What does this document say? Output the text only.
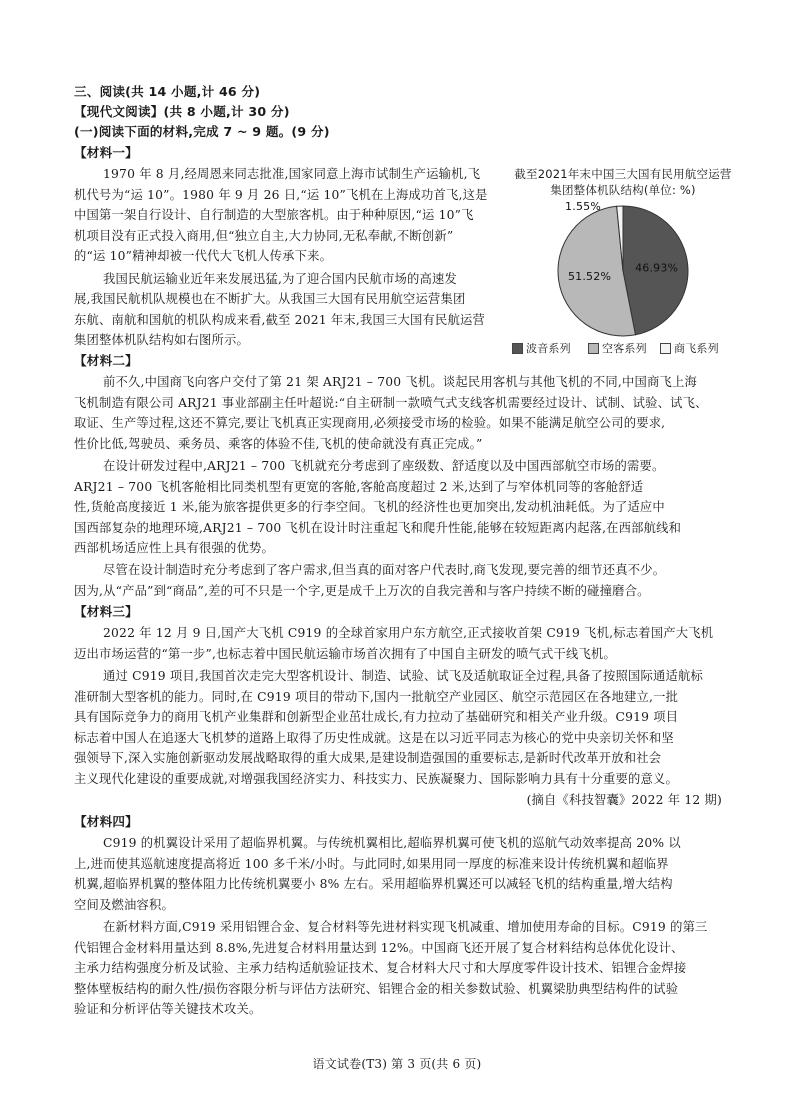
三、阅读(共 14 小题,计 46 分)
【现代文阅读】(共 8 小题,计 30 分)
(一)阅读下面的材料,完成 7 ~ 9 题。(9 分)
【材料一】
1970 年 8 月,经周恩来同志批准,国家同意上海市试制生产运输机,飞
机代号为“运 10”。1980 年 9 月 26 日,“运 10”飞机在上海成功首飞,这是
中国第一架自行设计、自行制造的大型旅客机。由于种种原因,“运 10”飞
机项目没有正式投入商用,但“独立自主,大力协同,无私奉献,不断创新”
的“运 10”精神却被一代代大飞机人传承下来。
我国民航运输业近年来发展迅猛,为了迎合国内民航市场的高速发
展,我国民航机队规模也在不断扩大。从我国三大国有民用航空运营集团
东航、南航和国航的机队构成来看,截至 2021 年末,我国三大国有民航运营
集团整体机队结构如右图所示。
截至2021年末中国三大国有民用航空运营集团整体机队结构(单位: %)
46.93%
51.52%
1.55%
波音系列	空客系列 商飞系列
【材料二】
前不久,中国商飞向客户交付了第 21 架 ARJ21 – 700 飞机。谈起民用客机与其他飞机的不同,中国商飞上海
飞机制造有限公司 ARJ21 事业部副主任叶超说:“自主研制一款喷气式支线客机需要经过设计、试制、试验、试飞、
取证、生产等过程,这还不算完,要让飞机真正实现商用,必须接受市场的检验。如果不能满足航空公司的要求,
性价比低,驾驶员、乘务员、乘客的体验不佳,飞机的使命就没有真正完成。”
在设计研发过程中,ARJ21 – 700 飞机就充分考虑到了座级数、舒适度以及中国西部航空市场的需要。
ARJ21 – 700 飞机客舱相比同类机型有更宽的客舱,客舱高度超过 2 米,达到了与窄体机同等的客舱舒适
性,货舱高度接近 1 米,能为旅客提供更多的行李空间。飞机的经济性也更加突出,发动机油耗低。为了适应中
国西部复杂的地理环境,ARJ21 – 700 飞机在设计时注重起飞和爬升性能,能够在较短距离内起落,在西部航线和
西部机场适应性上具有很强的优势。
尽管在设计制造时充分考虑到了客户需求,但当真的面对客户代表时,商飞发现,要完善的细节还真不少。
因为,从“产品”到“商品”,差的可不只是一个字,更是成千上万次的自我完善和与客户持续不断的碰撞磨合。
【材料三】
2022 年 12 月 9 日,国产大飞机 C919 的全球首家用户东方航空,正式接收首架 C919 飞机,标志着国产大飞机
迈出市场运营的“第一步”,也标志着中国民航运输市场首次拥有了中国自主研发的喷气式干线飞机。
通过 C919 项目,我国首次走完大型客机设计、制造、试验、试飞及适航取证全过程,具备了按照国际通适航标
准研制大型客机的能力。同时,在 C919 项目的带动下,国内一批航空产业园区、航空示范园区在各地建立,一批
具有国际竞争力的商用飞机产业集群和创新型企业茁壮成长,有力拉动了基础研究和相关产业升级。C919 项目
标志着中国人在追逐大飞机梦的道路上取得了历史性成就。这是在以习近平同志为核心的党中央亲切关怀和坚
强领导下,深入实施创新驱动发展战略取得的重大成果,是建设制造强国的重要标志,是新时代改革开放和社会
主义现代化建设的重要成就,对增强我国经济实力、科技实力、民族凝聚力、国际影响力具有十分重要的意义。
(摘自《科技智囊》2022 年 12 期)
【材料四】
C919 的机翼设计采用了超临界机翼。与传统机翼相比,超临界机翼可使飞机的巡航气动效率提高 20% 以
上,进而使其巡航速度提高将近 100 多千米/小时。与此同时,如果用同一厚度的标准来设计传统机翼和超临界
机翼,超临界机翼的整体阻力比传统机翼要小 8% 左右。采用超临界机翼还可以减轻飞机的结构重量,增大结构
空间及燃油容积。
在新材料方面,C919 采用铝锂合金、复合材料等先进材料实现飞机减重、增加使用寿命的目标。C919 的第三
代铝锂合金材料用量达到 8.8%,先进复合材料用量达到 12%。中国商飞还开展了复合材料结构总体优化设计、
主承力结构强度分析及试验、主承力结构适航验证技术、复合材料大尺寸和大厚度零件设计技术、铝锂合金焊接
整体壁板结构的耐久性/损伤容限分析与评估方法研究、铝锂合金的相关参数试验、机翼梁肋典型结构件的试验
验证和分析评估等关键技术攻关。
语文试卷(T3) 第 3 页(共 6 页)
